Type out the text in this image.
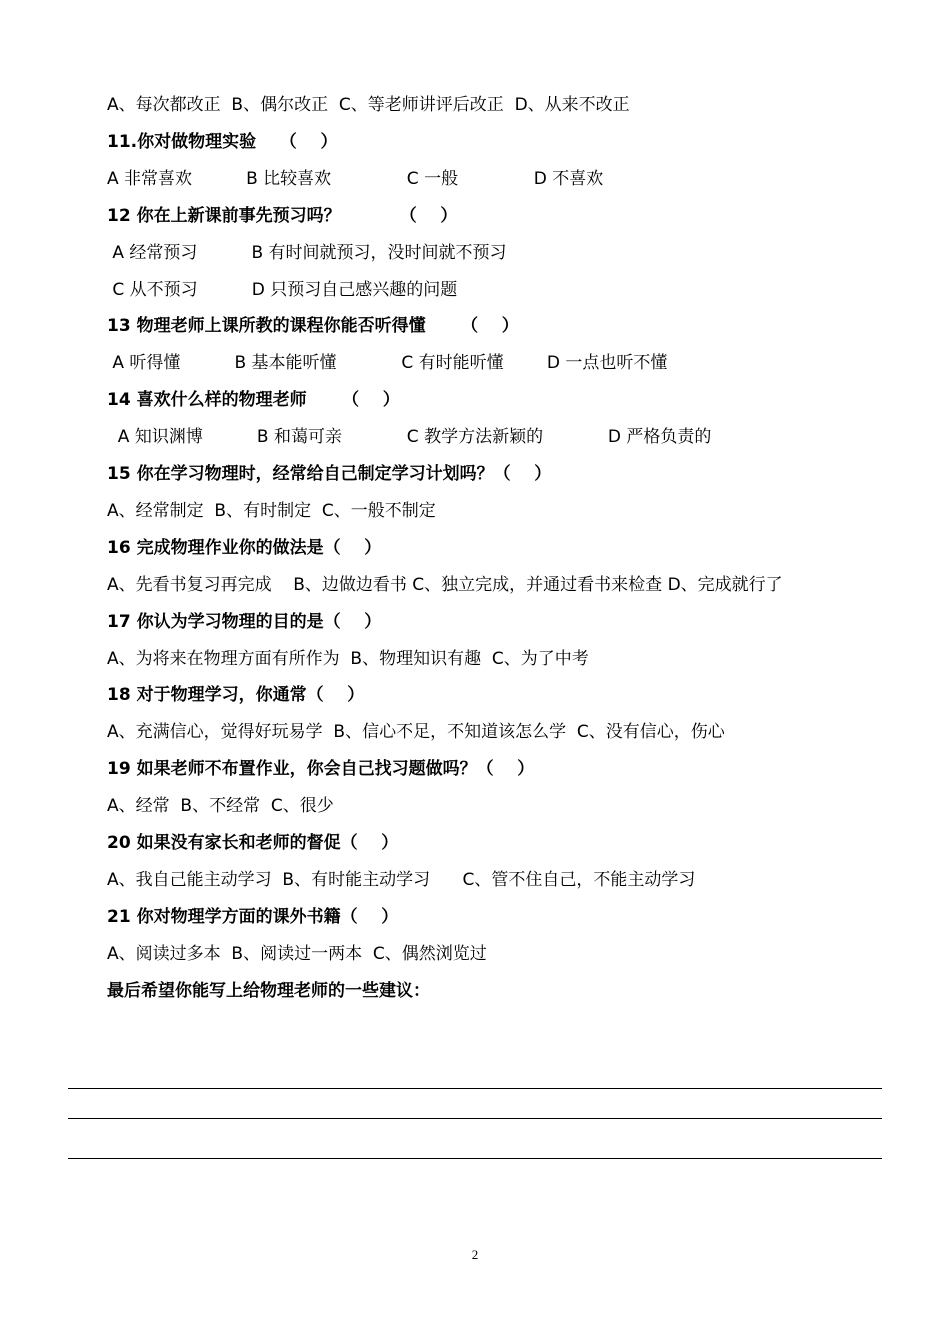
A、每次都改正  B、偶尔改正  C、等老师讲评后改正  D、从来不改正
11.你对做物理实验    （    ）
A 非常喜欢          B 比较喜欢              C 一般              D 不喜欢
12 你在上新课前事先预习吗？          （    ）
A 经常预习          B 有时间就预习，没时间就不预习
C 从不预习          D 只预习自己感兴趣的问题
13 物理老师上课所教的课程你能否听得懂      （    ）
A 听得懂          B 基本能听懂            C 有时能听懂        D 一点也听不懂
14 喜欢什么样的物理老师      （    ）
A 知识渊博          B 和蔼可亲            C 教学方法新颖的            D 严格负责的
15 你在学习物理时，经常给自己制定学习计划吗？（    ）
A、经常制定  B、有时制定  C、一般不制定
16 完成物理作业你的做法是（    ）
A、先看书复习再完成    B、边做边看书 C、独立完成，并通过看书来检查 D、完成就行了
17 你认为学习物理的目的是（    ）
A、为将来在物理方面有所作为  B、物理知识有趣  C、为了中考
18 对于物理学习，你通常（    ）
A、充满信心，觉得好玩易学  B、信心不足，不知道该怎么学  C、没有信心，伤心
19 如果老师不布置作业，你会自己找习题做吗？（    ）
A、经常  B、不经常  C、很少
20 如果没有家长和老师的督促（    ）
A、我自己能主动学习  B、有时能主动学习      C、管不住自己，不能主动学习
21 你对物理学方面的课外书籍（    ）
A、阅读过多本  B、阅读过一两本  C、偶然浏览过
最后希望你能写上给物理老师的一些建议：
2
